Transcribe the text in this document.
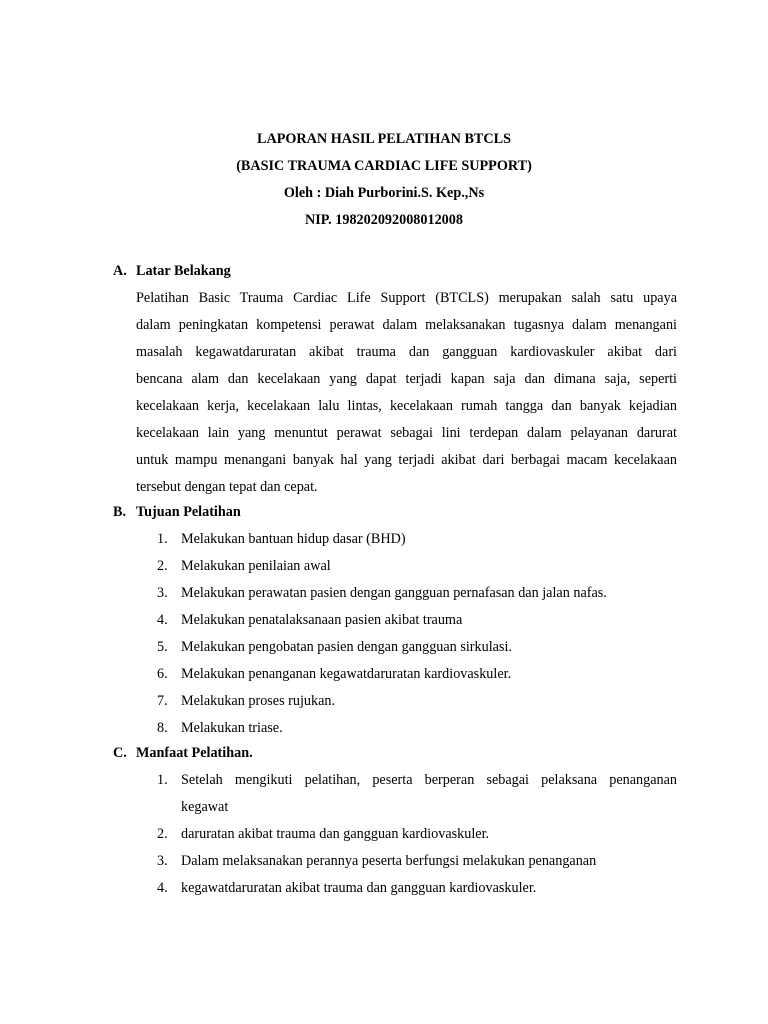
LAPORAN HASIL PELATIHAN BTCLS
(BASIC TRAUMA CARDIAC LIFE SUPPORT)
Oleh : Diah Purborini.S. Kep.,Ns
NIP. 198202092008012008
A. Latar Belakang
Pelatihan Basic Trauma Cardiac Life Support (BTCLS) merupakan salah satu upaya
dalam peningkatan kompetensi perawat dalam melaksanakan tugasnya dalam menangani
masalah kegawatdaruratan akibat trauma dan gangguan kardiovaskuler akibat dari
bencana alam dan kecelakaan yang dapat terjadi kapan saja dan dimana saja, seperti
kecelakaan kerja, kecelakaan lalu lintas, kecelakaan rumah tangga dan banyak kejadian
kecelakaan lain yang menuntut perawat sebagai lini terdepan dalam pelayanan darurat
untuk mampu menangani banyak hal yang terjadi akibat dari berbagai macam kecelakaan
tersebut dengan tepat dan cepat.
B. Tujuan Pelatihan
1. Melakukan bantuan hidup dasar (BHD)
2. Melakukan penilaian awal
3. Melakukan perawatan pasien dengan gangguan pernafasan dan jalan nafas.
4. Melakukan penatalaksanaan pasien akibat trauma
5. Melakukan pengobatan pasien dengan gangguan sirkulasi.
6. Melakukan penanganan kegawatdaruratan kardiovaskuler.
7. Melakukan proses rujukan.
8. Melakukan triase.
C. Manfaat Pelatihan.
1. Setelah mengikuti pelatihan, peserta berperan sebagai pelaksana penanganan
kegawat
2. daruratan akibat trauma dan gangguan kardiovaskuler.
3. Dalam melaksanakan perannya peserta berfungsi melakukan penanganan
4. kegawatdaruratan akibat trauma dan gangguan kardiovaskuler.
